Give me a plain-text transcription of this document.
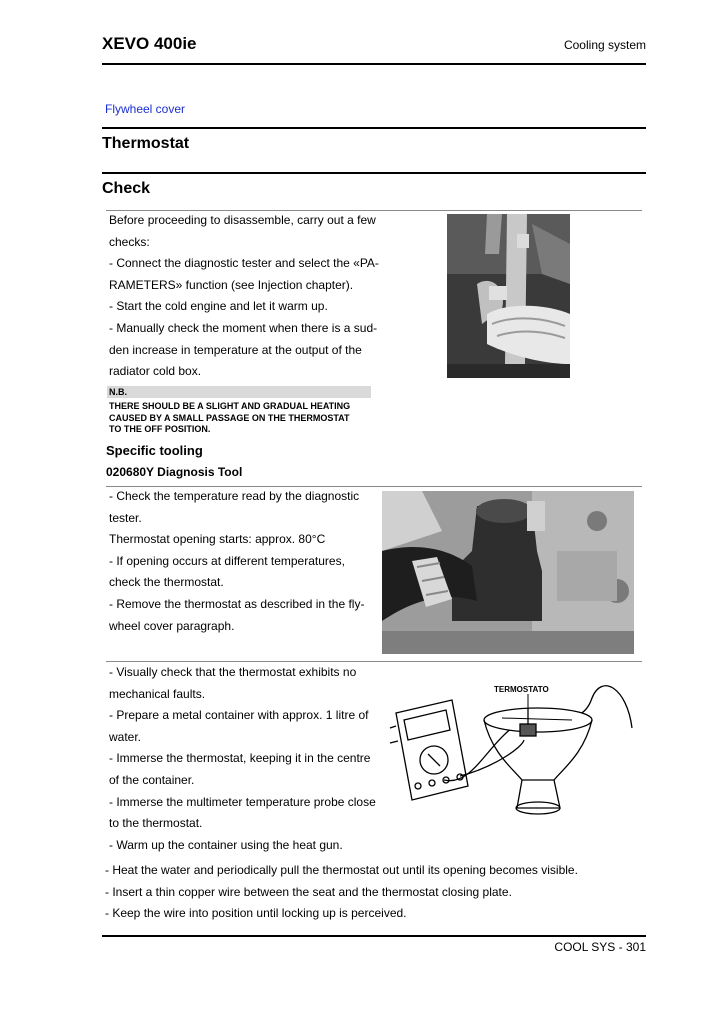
XEVO 400ie	Cooling system
Flywheel cover
Thermostat
Check
Before proceeding to disassemble, carry out a few
checks:
- Connect the diagnostic tester and select the «PA-
RAMETERS» function (see Injection chapter).
- Start the cold engine and let it warm up.
- Manually check the moment when there is a sud-
den increase in temperature at the output of the
radiator cold box.
N.B.
THERE SHOULD BE A SLIGHT AND GRADUAL HEATING
CAUSED BY A SMALL PASSAGE ON THE THERMOSTAT
TO THE OFF POSITION.
Specific tooling
020680Y Diagnosis Tool
- Check the temperature read by the diagnostic
tester.
Thermostat opening starts: approx. 80°C
- If opening occurs at different temperatures,
check the thermostat.
- Remove the thermostat as described in the fly-
wheel cover paragraph.
- Visually check that the thermostat exhibits no
mechanical faults.
- Prepare a metal container with approx. 1 litre of
water.
- Immerse the thermostat, keeping it in the centre
of the container.
- Immerse the multimeter temperature probe close
to the thermostat.
- Warm up the container using the heat gun.
TERMOSTATO
- Heat the water and periodically pull the thermostat out until its opening becomes visible.
- Insert a thin copper wire between the seat and the thermostat closing plate.
- Keep the wire into position until locking up is perceived.
COOL SYS - 301
